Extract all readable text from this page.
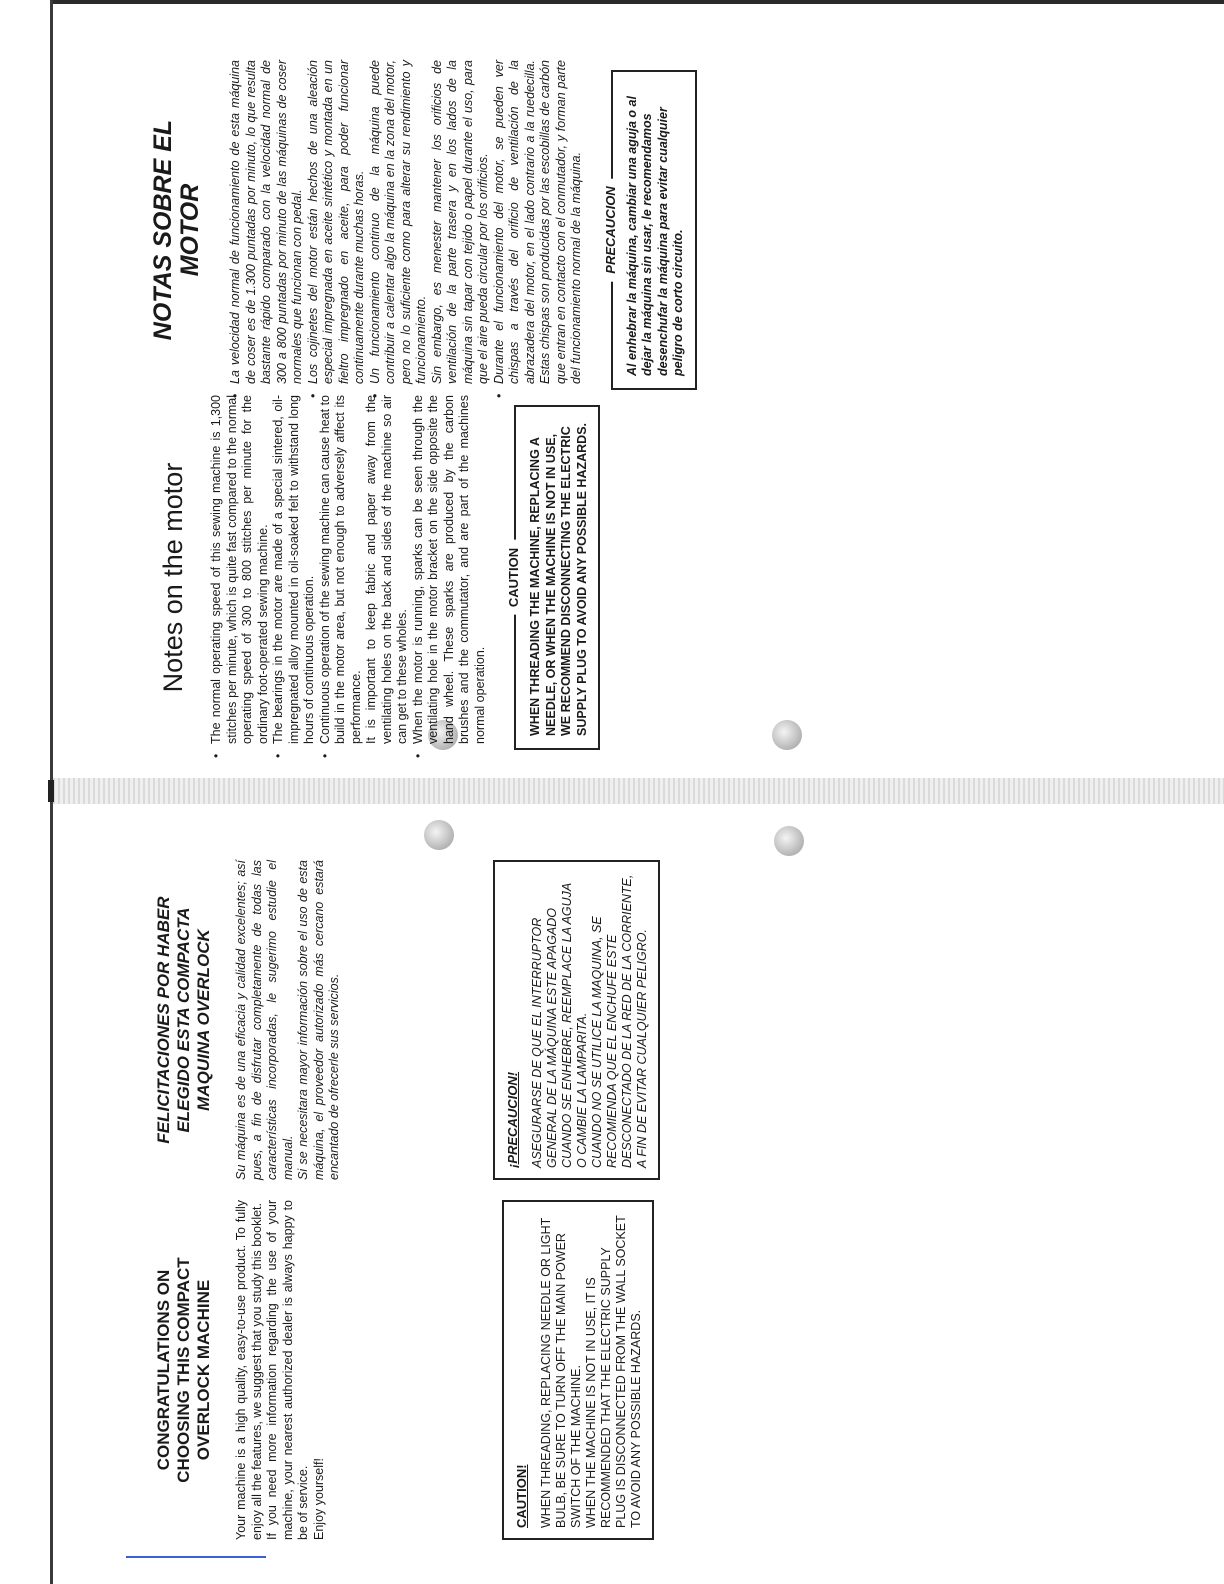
Notes on the motor • The normal operating speed of this sewing machine is 1,300 stitches per minute, which is quite fast compared to the normal operating speed of 300 to 800 stitches per minute for the ordinary foot-operated sewing machine. • The bearings in the motor are made of a special sintered, oil-impregnated alloy mounted in oil-soaked felt to withstand long hours of continuous operation. • Continuous operation of the sewing machine can cause heat to build in the motor area, but not enough to adversely affect its performance. It is important to keep fabric and paper away from the ventilating holes on the back and sides of the machine so air can get to these wholes. • When the motor is running, sparks can be seen through the ventilating hole in the motor bracket on the side opposite the hand wheel. These sparks are produced by the carbon brushes and the commutator, and are part of the machines normal operation.
CAUTION WHEN THREADING THE MACHINE, REPLACING A NEEDLE, OR WHEN THE MACHINE IS NOT IN USE, WE RECOMMEND DISCONNECTING THE ELECTRIC SUPPLY PLUG TO AVOID ANY POSSIBLE HAZARDS.
NOTAS SOBRE EL
MOTOR • La velocidad normal de funcionamiento de esta máquina de coser es de 1.300 puntadas por minuto, lo que resulta bastante rápido comparado con la velocidad normal de 300 a 800 puntadas por minuto de las máquinas de coser normales que funcionan con pedal. • Los cojinetes del motor están hechos de una aleación especial impregnada en aceite sintético y montada en un fieltro impregnado en aceite, para poder funcionar continuamente durante muchas horas. • Un funcionamiento continuo de la máquina puede contribuir a calentar algo la máquina en la zona del motor, pero no lo suficiente como para alterar su rendimiento y funcionamiento. Sin embargo, es menester mantener los orificios de ventilación de la parte trasera y en los lados de la máquina sin tapar con tejido o papel durante el uso, para que el aire pueda circular por los orificios. • Durante el funcionamiento del motor, se pueden ver chispas a través del orificio de ventilación de la abrazadera del motor, en el lado contrario a la ruedecilla. Estas chispas son producidas por las escobillas de carbón que entran en contacto con el conmutador, y forman parte del funcionamiento normal de la máquina. PRECAUCION Al enhebrar la máquina, cambiar una aguja o al dejar la máquina sin usar, le recomendamos desenchufar la máquina para evitar cualquier peligro de corto circuito.
CONGRATULATIONS ON
CHOOSING THIS COMPACT
OVERLOCK MACHINE Your machine is a high quality, easy-to-use product. To fully enjoy all the features, we suggest that you study this booklet. If you need more information regarding the use of your machine, your nearest authorized dealer is always happy to be of service. Enjoy yourself!	CAUTION! WHEN THREADING, REPLACING NEEDLE OR LIGHT BULB, BE SURE TO TURN OFF THE MAIN POWER SWITCH OF THE MACHINE. WHEN THE MACHINE IS NOT IN USE, IT IS RECOMMENDED THAT THE ELECTRIC SUPPLY PLUG IS DISCONNECTED FROM THE WALL SOCKET TO AVOID ANY POSSIBLE HAZARDS.
FELICITACIONES POR HABER
ELEGIDO ESTA COMPACTA
MAQUINA OVERLOCK Su máquina es de una eficacia y calidad excelentes; así pues, a fin de disfrutar completamente de todas las características incorporadas, le sugerimo estudie el manual. Si se necesitara mayor información sobre el uso de esta máquina, el proveedor autorizado más cercano estará encantado de ofrecerle sus servicios.	¡PRECAUCION! ASEGURARSE DE QUE EL INTERRUPTOR GENERAL DE LA MÁQUINA ESTE APAGADO CUANDO SE ENHEBRE, REEMPLACE LA AGUJA O CAMBIE LA LAMPARITA. CUANDO NO SE UTILICE LA MAQUINA, SE RECOMIENDA QUE EL ENCHUFE ESTE DESCONECTADO DE LA RED DE LA CORRIENTE, A FIN DE EVITAR CUALQUIER PELIGRO.
